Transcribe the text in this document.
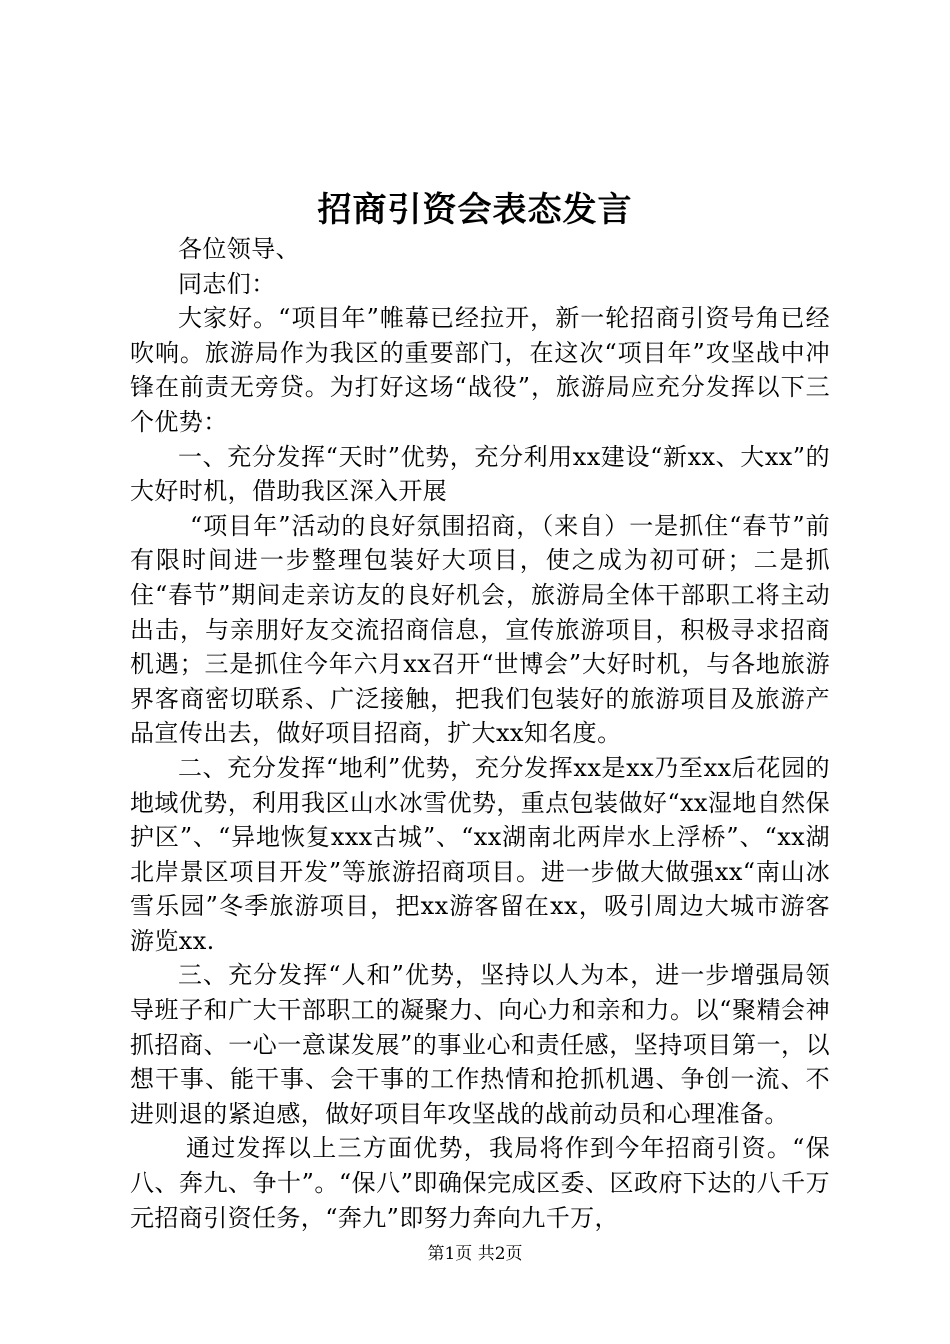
招商引资会表态发言

各位领导、

同志们：

大家好。“项目年”帷幕已经拉开，新一轮招商引资号角已经吹响。旅游局作为我区的重要部门，在这次“项目年”攻坚战中冲锋在前责无旁贷。为打好这场“战役”，旅游局应充分发挥以下三个优势：

一、充分发挥“天时”优势，充分利用xx建设“新xx、大xx”的大好时机，借助我区深入开展

“项目年”活动的良好氛围招商，（来自）一是抓住“春节”前有限时间进一步整理包装好大项目，使之成为初可研；二是抓住“春节”期间走亲访友的良好机会，旅游局全体干部职工将主动出击，与亲朋好友交流招商信息，宣传旅游项目，积极寻求招商机遇；三是抓住今年六月xx召开“世博会”大好时机，与各地旅游界客商密切联系、广泛接触，把我们包装好的旅游项目及旅游产品宣传出去，做好项目招商，扩大xx知名度。

二、充分发挥“地利”优势，充分发挥xx是xx乃至xx后花园的地域优势，利用我区山水冰雪优势，重点包装做好“xx湿地自然保护区”、“异地恢复xxx古城”、“xx湖南北两岸水上浮桥”、“xx湖北岸景区项目开发”等旅游招商项目。进一步做大做强xx“南山冰雪乐园”冬季旅游项目，把xx游客留在xx，吸引周边大城市游客游览xx.

三、充分发挥“人和”优势，坚持以人为本，进一步增强局领导班子和广大干部职工的凝聚力、向心力和亲和力。以“聚精会神抓招商、一心一意谋发展”的事业心和责任感，坚持项目第一，以想干事、能干事、会干事的工作热情和抢抓机遇、争创一流、不进则退的紧迫感，做好项目年攻坚战的战前动员和心理准备。

通过发挥以上三方面优势，我局将作到今年招商引资。“保八、奔九、争十”。“保八”即确保完成区委、区政府下达的八千万元招商引资任务，“奔九”即努力奔向九千万，

第1页 共2页
